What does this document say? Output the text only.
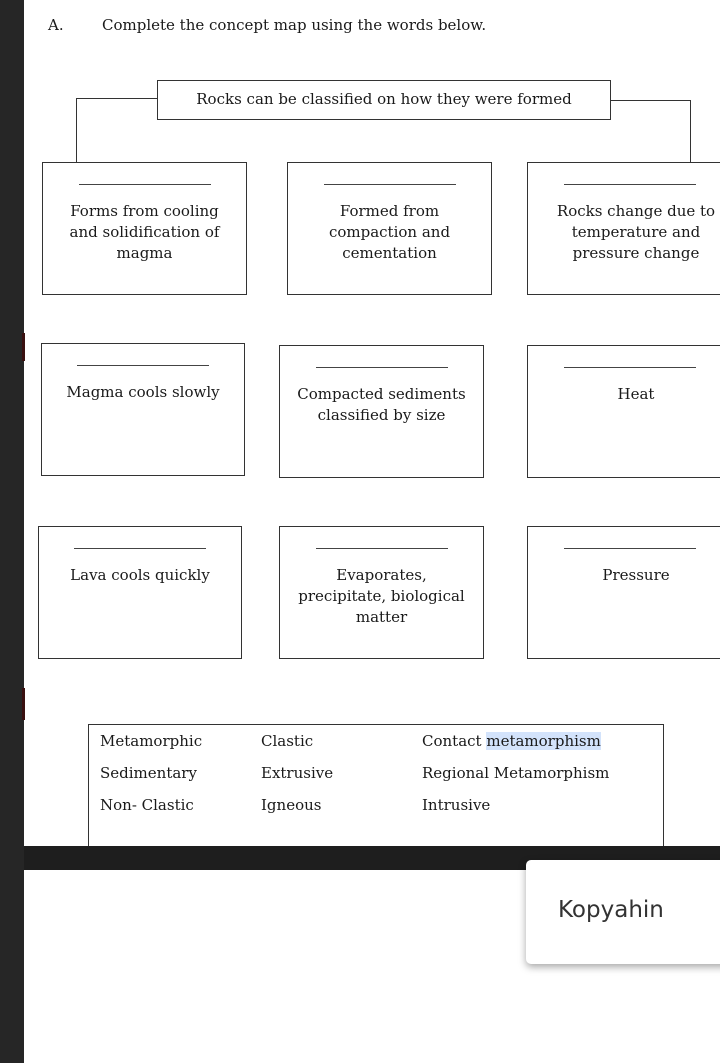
A.	Complete the concept map using the words below.
Rocks can be classified on how they were formed
Forms from cooling and solidification of magma
Formed from compaction and cementation
Rocks change due to temperature and pressure change
Magma cools slowly	Compacted sediments classified by size
Heat
Lava cools quickly	Evaporates, precipitate, biological matter
Pressure
Metamorphic	Clastic	Contact metamorphism
Sedimentary	Extrusive	Regional Metamorphism
Non- Clastic	Igneous	Intrusive
Kopyahin
